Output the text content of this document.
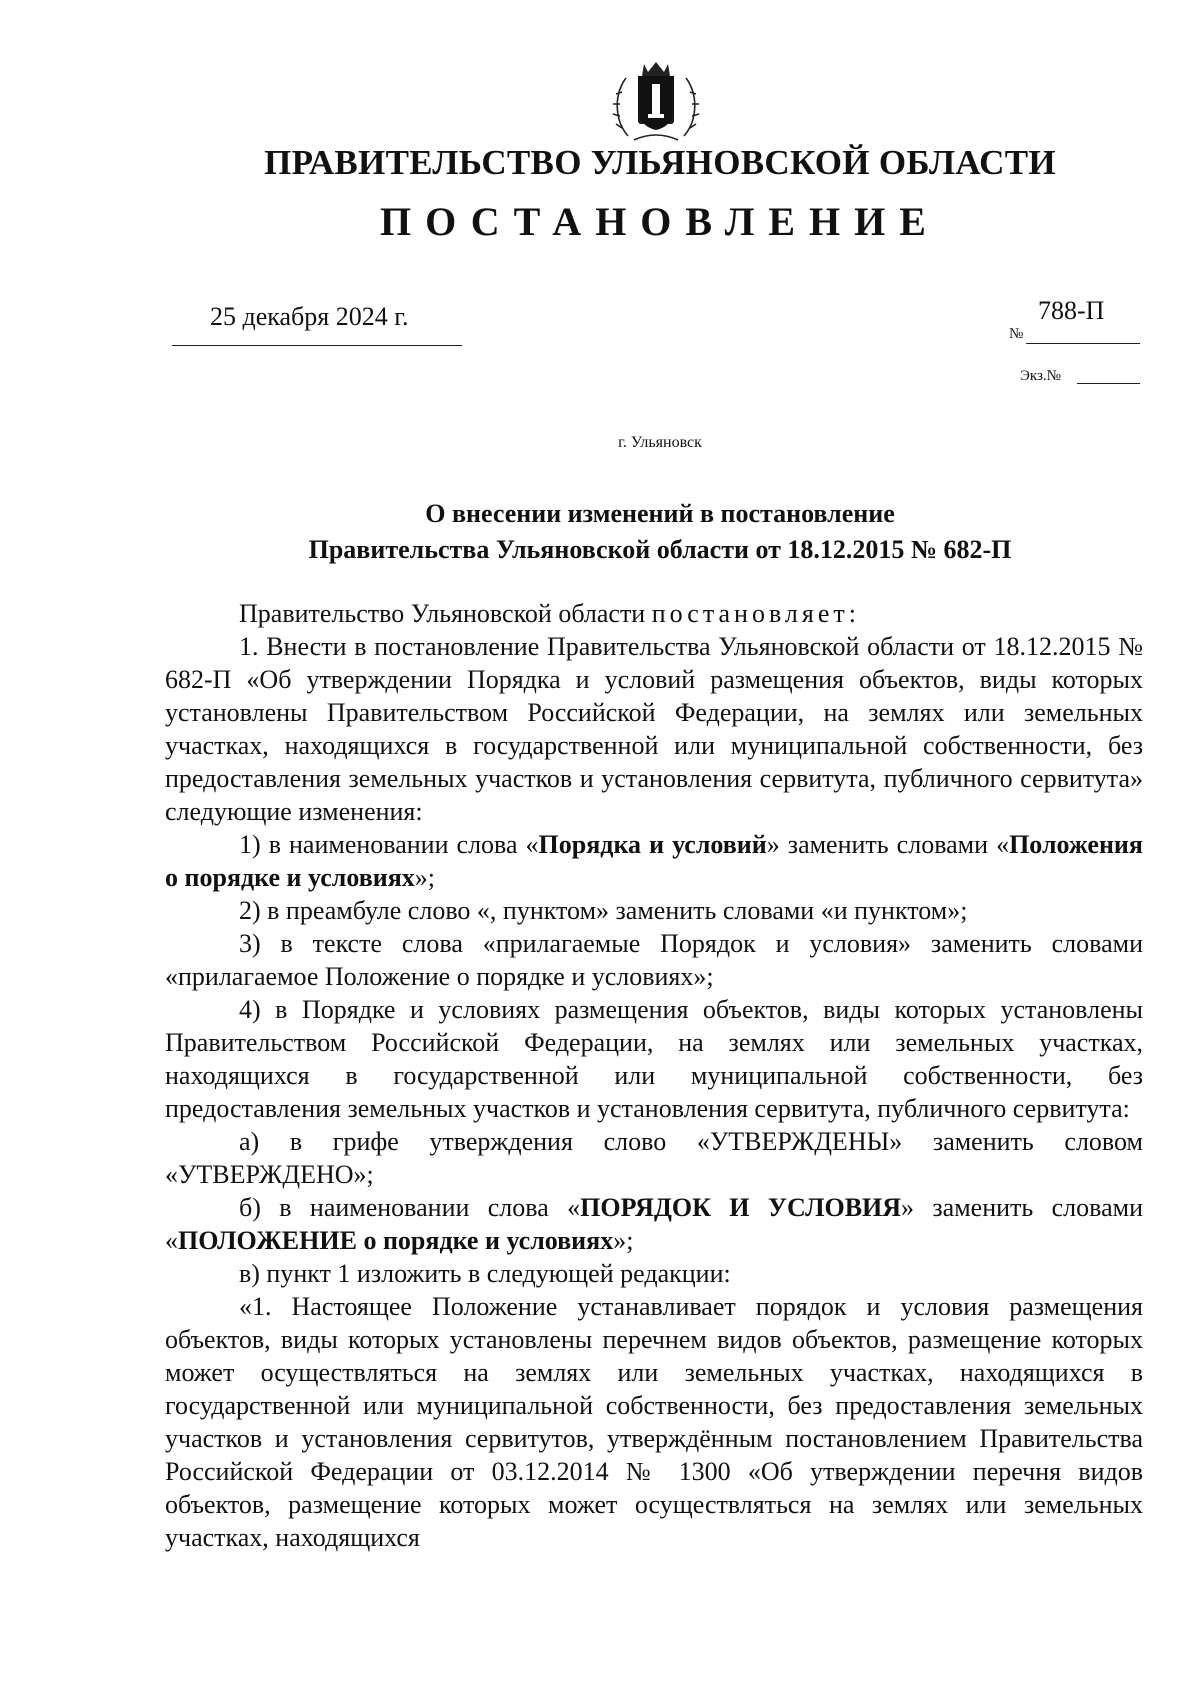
ПРАВИТЕЛЬСТВО УЛЬЯНОВСКОЙ ОБЛАСТИ
ПОСТАНОВЛЕНИЕ
25 декабря 2024 г.
№
788-П
Экз.№
г. Ульяновск
О внесении изменений в постановление
Правительства Ульяновской области от 18.12.2015 № 682-П

Правительство Ульяновской области постановляет:

1. Внести в постановление Правительства Ульяновской области от 18.12.2015 № 682-П «Об утверждении Порядка и условий размещения объектов, виды которых установлены Правительством Российской Федерации, на землях или земельных участках, находящихся в государственной или муниципальной собственности, без предоставления земельных участков и установления сервитута, публичного сервитута» следующие изменения:

1) в наименовании слова «Порядка и условий» заменить словами «Положения о порядке и условиях»;

2) в преамбуле слово «, пунктом» заменить словами «и пунктом»;

3) в тексте слова «прилагаемые Порядок и условия» заменить словами «прилагаемое Положение о порядке и условиях»;

4) в Порядке и условиях размещения объектов, виды которых установлены Правительством Российской Федерации, на землях или земельных участках, находящихся в государственной или муниципальной собственности, без предоставления земельных участков и установления сервитута, публичного сервитута:

а) в грифе утверждения слово «УТВЕРЖДЕНЫ» заменить словом «УТВЕРЖДЕНО»;

б) в наименовании слова «ПОРЯДОК И УСЛОВИЯ» заменить словами «ПОЛОЖЕНИЕ о порядке и условиях»;

в) пункт 1 изложить в следующей редакции:

«1. Настоящее Положение устанавливает порядок и условия размещения объектов, виды которых установлены перечнем видов объектов, размещение которых может осуществляться на землях или земельных участках, находящихся в государственной или муниципальной собственности, без предоставления земельных участков и установления сервитутов, утверждённым постановлением Правительства Российской Федерации от 03.12.2014 № 1300 «Об утверждении перечня видов объектов, размещение которых может осуществляться на землях или земельных участках, находящихся
